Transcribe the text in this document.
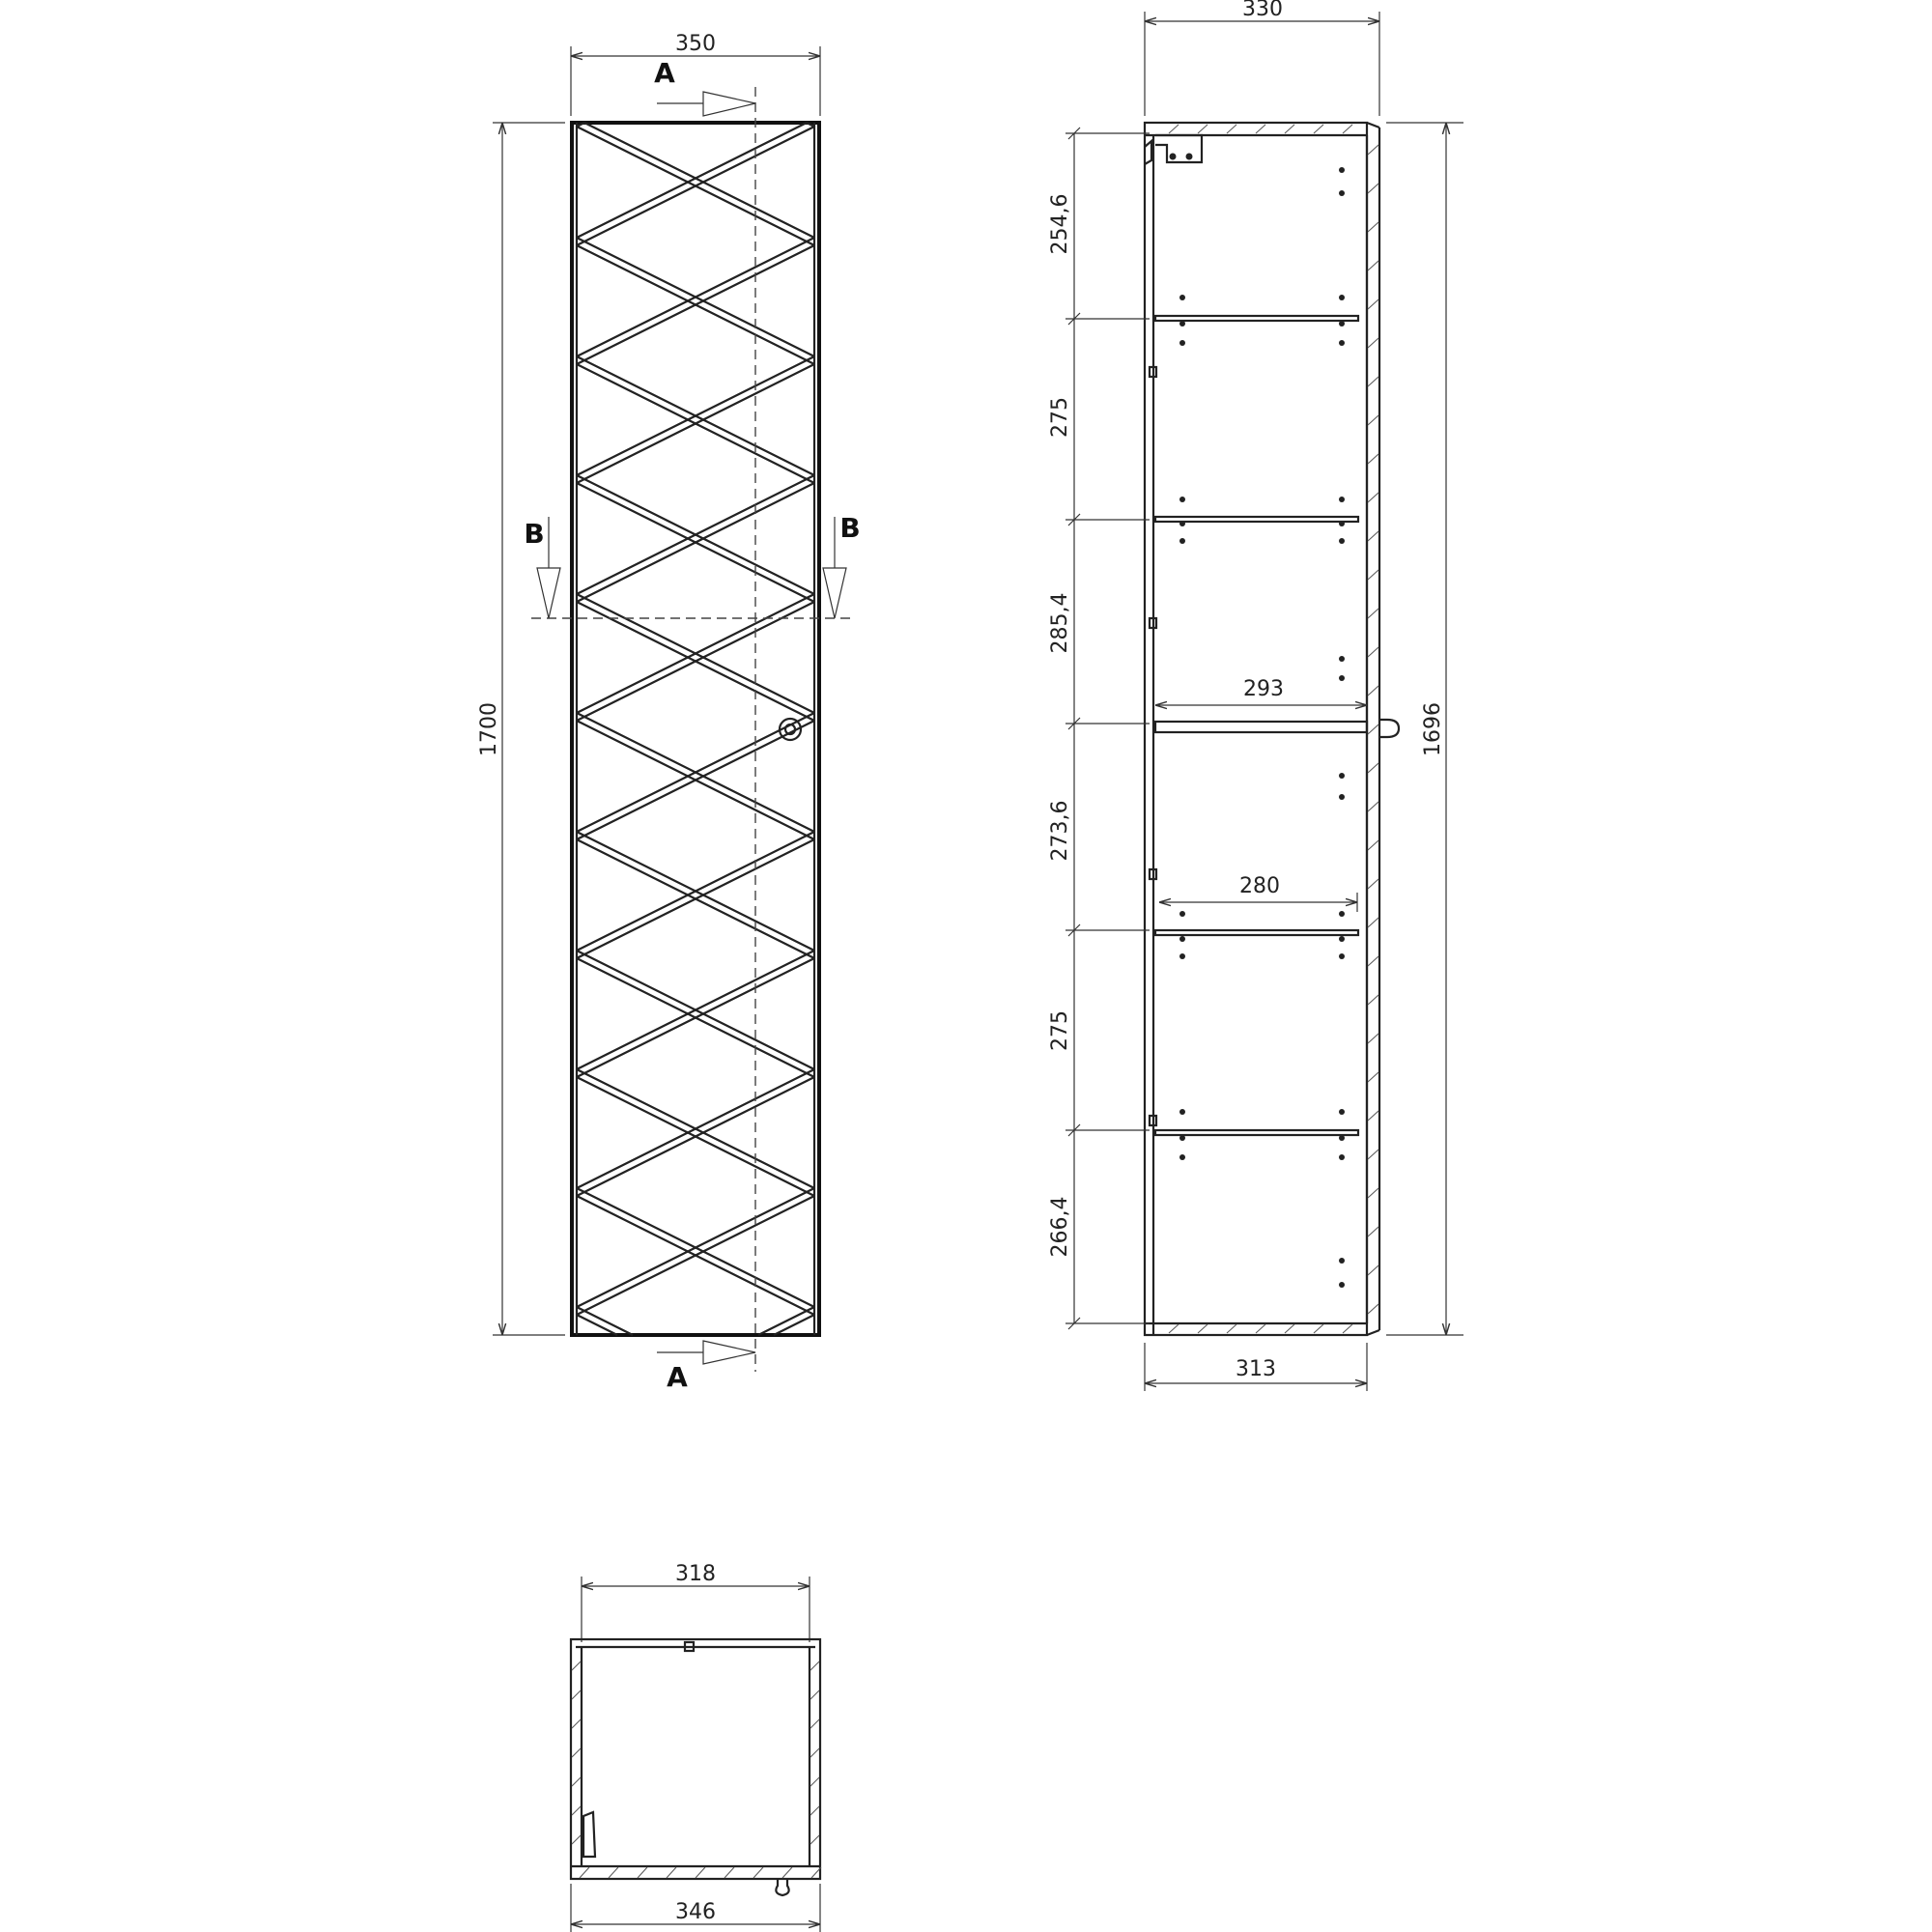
350
1700
A
A
B	B
330
254,6
275
285,4
273,6
275
266,4
293
280
1696
313
318
346
